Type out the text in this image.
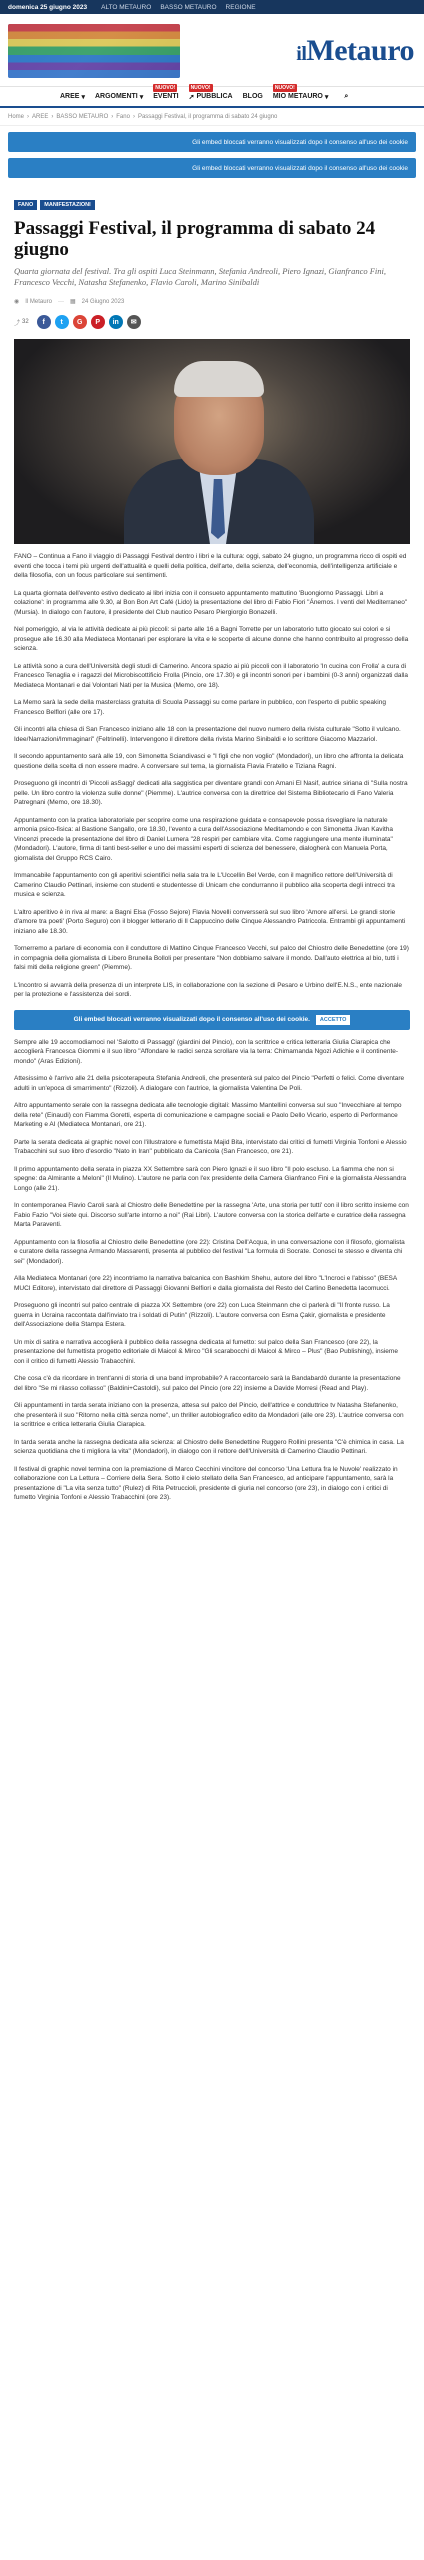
domenica 25 giugno 2023 ALTO METAURO BASSO METAURO REGIONE
ilMetauro
AREE ▾ ARGOMENTI ▾ EVENTI
NUOVO!
➚ PUBBLICA
NUOVO!
BLOG MIO METAURO ▾
NUOVO!
⌕
Home › AREE › BASSO METAURO › Fano › Passaggi Festival, il programma di sabato 24 giugno
Gli embed bloccati verranno visualizzati dopo il consenso all'uso dei cookie
Gli embed bloccati verranno visualizzati dopo il consenso all'uso dei cookie
FANO	MANIFESTAZIONI
Passaggi Festival, il programma di sabato 24 giugno

Quarta giornata del festival. Tra gli ospiti Luca Steinmann, Stefania Andreoli, Piero Ignazi, Gianfranco Fini, Francesco Vecchi, Natasha Stefanenko, Flavio Caroli, Marino Sinibaldi

◉ Il Metauro — ▦ 24 Giugno 2023
⤴ 32	f	t	G	P	in	✉

FANO – Continua a Fano il viaggio di Passaggi Festival dentro i libri e la cultura: oggi, sabato 24 giugno, un programma ricco di ospiti ed eventi che tocca i temi più urgenti dell'attualità e quelli della politica, dell'arte, della scienza, dell'economia, dell'intelligenza artificiale e della filosofia, con un focus particolare sui sentimenti.

La quarta giornata dell'evento estivo dedicato ai libri inizia con il consueto appuntamento mattutino 'Buongiorno Passaggi. Libri a colazione': in programma alle 9.30, al Bon Bon Art Café (Lido) la presentazione del libro di Fabio Fiori "Ánemos. I venti del Mediterraneo" (Mursia). In dialogo con l'autore, il presidente del Club nautico Pesaro Piergiorgio Bonazelli.

Nel pomeriggio, al via le attività dedicate ai più piccoli: si parte alle 16 a Bagni Torrette per un laboratorio tutto giocato sui colori e si prosegue alle 16.30 alla Mediateca Montanari per esplorare la vita e le scoperte di alcune donne che hanno contribuito al progresso della scienza.

Le attività sono a cura dell'Università degli studi di Camerino. Ancora spazio ai più piccoli con il laboratorio 'In cucina con Frolla' a cura di Francesco Tenaglia e i ragazzi del Microbiscottificio Frolla (Pincio, ore 17.30) e gli incontri sonori per i bambini (0-3 anni) organizzati dalla Mediateca Montanari e dai Volontari Nati per la Musica (Memo, ore 18).

La Memo sarà la sede della masterclass gratuita di Scuola Passaggi su come parlare in pubblico, con l'esperto di public speaking Francesco Belflori (alle ore 17).

Gli incontri alla chiesa di San Francesco iniziano alle 18 con la presentazione del nuovo numero della rivista culturale "Sotto il vulcano. Idee/Narrazioni/Immaginari" (Feltrinelli). Intervengono il direttore della rivista Marino Sinibaldi e lo scrittore Giacomo Mazzariol.

Il secondo appuntamento sarà alle 19, con Simonetta Sciandivasci e "I figli che non voglio" (Mondadori), un libro che affronta la delicata questione della scelta di non essere madre. A conversare sul tema, la giornalista Flavia Fratello e Tiziana Ragni.

Proseguono gli incontri di 'Piccoli asSaggi' dedicati alla saggistica per diventare grandi con Amani El Nasif, autrice siriana di "Sulla nostra pelle. Un libro contro la violenza sulle donne" (Piemme). L'autrice conversa con la direttrice del Sistema Bibliotecario di Fano Valeria Patregnani (Memo, ore 18.30).

Appuntamento con la pratica laboratoriale per scoprire come una respirazione guidata e consapevole possa risvegliare la naturale armonia psico-fisica: al Bastione Sangallo, ore 18.30, l'evento a cura dell'Associazione Meditamondo e con Simonetta Jivan Kavitha Vincenzi precede la presentazione del libro di Daniel Lumera "28 respiri per cambiare vita. Come raggiungere una mente illuminata" (Mondadori). L'autore, firma di tanti best-seller e uno dei massimi esperti di scienza del benessere, dialogherà con Manuela Porta, giornalista del Gruppo RCS Cairo.

Immancabile l'appuntamento con gli aperitivi scientifici nella sala tra le L'Uccellin Bel Verde, con il magnifico rettore dell'Università di Camerino Claudio Pettinari, insieme con studenti e studentesse di Unicam che condurranno il pubblico alla scoperta degli intrecci tra musica e scienza.

L'altro aperitivo è in riva al mare: a Bagni Elsa (Fosso Sejore) Flavia Novelli conversserà sul suo libro 'Amore all'ersi. Le grandi storie d'amore tra poeti' (Porto Seguro) con il blogger letterario di Il Cappuccino delle Cinque Alessandro Patriccola. Entrambi gli appuntamenti iniziano alle 18.30.

Tornerremo a parlare di economia con il conduttore di Mattino Cinque Francesco Vecchi, sul palco del Chiostro delle Benedettine (ore 19) in compagnia della giornalista di Libero Brunella Bolloli per presentare "Non dobbiamo salvare il mondo. Dall'auto elettrica al bio, tutti i falsi miti della religione green" (Piemme).

L'incontro si avvarrà della presenza di un interprete LIS, in collaborazione con la sezione di Pesaro e Urbino dell'E.N.S., ente nazionale per la protezione e l'assistenza dei sordi.

Gli embed bloccati verranno visualizzati dopo il consenso all'uso dei cookie.	ACCETTO

Sempre alle 19 accomodiamoci nel 'Salotto di Passaggi' (giardini del Pincio), con la scrittrice e critica letteraria Giulia Ciarapica che accoglierà Francesca Giommi e il suo libro "Affondare le radici senza scrollare via la terra: Chimamanda Ngozi Adichie e il continente-mondo" (Aras Edizioni).

Attesissimo è l'arrivo alle 21 della psicoterapeuta Stefania Andreoli, che presenterà sul palco del Pincio "Perfetti o felici. Come diventare adulti in un'epoca di smarrimento" (Rizzoli). A dialogare con l'autrice, la giornalista Valentina De Poli.

Altro appuntamento serale con la rassegna dedicata alle tecnologie digitali: Massimo Mantellini conversa sul suo "Invecchiare al tempo della rete" (Einaudi) con Fiamma Goretti, esperta di comunicazione e campagne sociali e Paolo Dello Vicario, esperto di Performance Marketing e AI (Mediateca Montanari, ore 21).

Parte la serata dedicata ai graphic novel con l'illustratore e fumettista Majid Bita, intervistato dai critici di fumetti Virginia Tonfoni e Alessio Trabacchini sul suo libro d'esordio "Nato in Iran" pubblicato da Canicola (San Francesco, ore 21).

Il primo appuntamento della serata in piazza XX Settembre sarà con Piero Ignazi e il suo libro "Il polo escluso. La fiamma che non si spegne: da Almirante a Meloni" (Il Mulino). L'autore ne parla con l'ex presidente della Camera Gianfranco Fini e la giornalista Alessandra Longo (alle 21).

In contemporanea Flavio Caroli sarà al Chiostro delle Benedettine per la rassegna 'Arte, una storia per tutti' con il libro scritto insieme con Fabio Fazio "Voi siete qui. Discorso sull'arte intorno a noi" (Rai Libri). L'autore conversa con la storica dell'arte e curatrice della rassegna Marta Paraventi.

Appuntamento con la filosofia al Chiostro delle Benedettine (ore 22): Cristina Dell'Acqua, in una conversazione con il filosofo, giornalista e curatore della rassegna Armando Massarenti, presenta al pubblico del festival "La formula di Socrate. Conosci te stesso e diventa chi sei" (Mondadori).

Alla Mediateca Montanari (ore 22) incontriamo la narrativa balcanica con Bashkim Shehu, autore del libro "L'Incroci e l'abisso" (BESA MUCI Editore), intervistato dal direttore di Passaggi Giovanni Belfiori e dalla giornalista del Resto del Carlino Benedetta Iacomucci.

Proseguono gli incontri sul palco centrale di piazza XX Settembre (ore 22) con Luca Steinmann che ci parlerà di "Il fronte russo. La guerra in Ucraina raccontata dall'inviato tra i soldati di Putin" (Rizzoli). L'autore conversa con Esma Çakir, giornalista e presidente dell'Associazione della Stampa Estera.

Un mix di satira e narrativa accoglierà il pubblico della rassegna dedicata al fumetto: sul palco della San Francesco (ore 22), la presentazione del fumettista progetto editoriale di Maicol & Mirco "Gli scarabocchi di Maicol & Mirco – Plus" (Bao Publishing), insieme con il critico di fumetti Alessio Trabacchini.

Che cosa c'è da ricordare in trent'anni di storia di una band improbabile? A raccontarcelo sarà la Bandabardò durante la presentazione del libro "Se mi rilasso collasso" (Baldini+Castoldi), sul palco del Pincio (ore 22) insieme a Davide Morresi (Read and Play).

Gli appuntamenti in tarda serata iniziano con la presenza, attesa sul palco del Pincio, dell'attrice e conduttrice tv Natasha Stefanenko, che presenterà il suo "Ritorno nella città senza nome", un thriller autobiografico edito da Mondadori (alle ore 23). L'autrice conversa con la scrittrice e critica letteraria Giulia Ciarapica.

In tarda serata anche la rassegna dedicata alla scienza: al Chiostro delle Benedettine Ruggero Rollini presenta "C'è chimica in casa. La scienza quotidiana che ti migliora la vita" (Mondadori), in dialogo con il rettore dell'Università di Camerino Claudio Pettinari.

Il festival di graphic novel termina con la premiazione di Marco Cecchini vincitore del concorso 'Una Lettura fra le Nuvole' realizzato in collaborazione con La Lettura – Corriere della Sera. Sotto il cielo stellato della San Francesco, ad anticipare l'appuntamento, sarà la presentazione di "La vita senza tutto" (Rulez) di Rita Petruccioli, presidente di giuria nel concorso (ore 23), in dialogo con i critici di fumetto Virginia Tonfoni e Alessio Trabacchini (ore 23).
